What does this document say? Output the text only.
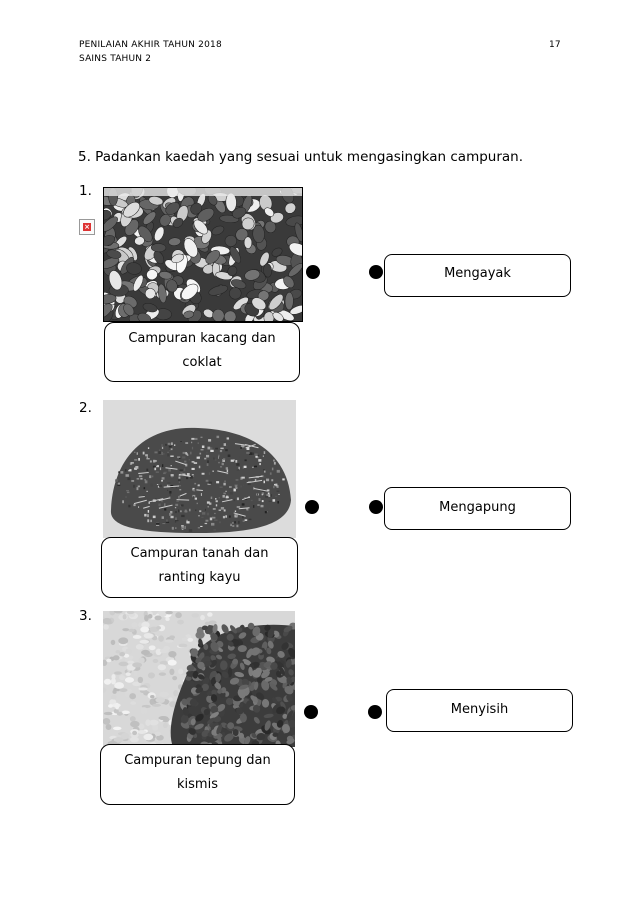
PENILAIAN AKHIR TAHUN 2018
SAINS TAHUN 2
17
5. Padankan kaedah yang sesuai untuk mengasingkan campuran.
1.
×
Campuran kacang dan
coklat
Mengayak
2.
Campuran tanah dan
ranting kayu
Mengapung
3.
Campuran tepung dan
kismis
Menyisih
